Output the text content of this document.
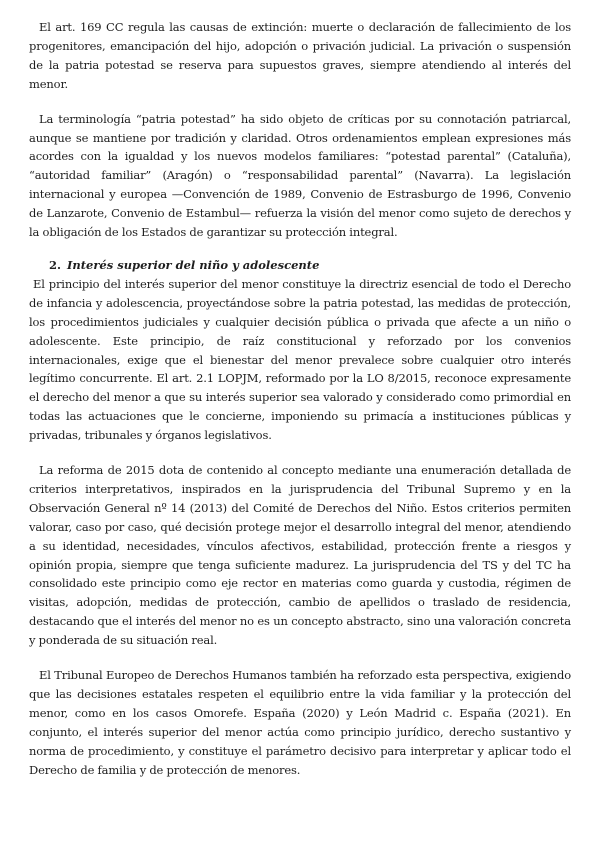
El art. 169 CC regula las causas de extinción: muerte o declaración de fallecimiento de los progenitores, emancipación del hijo, adopción o privación judicial. La privación o suspensión de la patria potestad se reserva para supuestos graves, siempre atendiendo al interés del menor.

La terminología “patria potestad” ha sido objeto de críticas por su connotación patriarcal, aunque se mantiene por tradición y claridad. Otros ordenamientos emplean expresiones más acordes con la igualdad y los nuevos modelos familiares: “potestad parental” (Cataluña), “autoridad familiar” (Aragón) o “responsabilidad parental” (Navarra). La legislación internacional y europea —Convención de 1989, Convenio de Estrasburgo de 1996, Convenio de Lanzarote, Convenio de Estambul— refuerza la visión del menor como sujeto de derechos y la obligación de los Estados de garantizar su protección integral.

2. Interés superior del niño y adolescente

El principio del interés superior del menor constituye la directriz esencial de todo el Derecho de infancia y adolescencia, proyectándose sobre la patria potestad, las medidas de protección, los procedimientos judiciales y cualquier decisión pública o privada que afecte a un niño o adolescente. Este principio, de raíz constitucional y reforzado por los convenios internacionales, exige que el bienestar del menor prevalece sobre cualquier otro interés legítimo concurrente. El art. 2.1 LOPJM, reformado por la LO 8/2015, reconoce expresamente el derecho del menor a que su interés superior sea valorado y considerado como primordial en todas las actuaciones que le concierne, imponiendo su primacía a instituciones públicas y privadas, tribunales y órganos legislativos.

La reforma de 2015 dota de contenido al concepto mediante una enumeración detallada de criterios interpretativos, inspirados en la jurisprudencia del Tribunal Supremo y en la Observación General nº 14 (2013) del Comité de Derechos del Niño. Estos criterios permiten valorar, caso por caso, qué decisión protege mejor el desarrollo integral del menor, atendiendo a su identidad, necesidades, vínculos afectivos, estabilidad, protección frente a riesgos y opinión propia, siempre que tenga suficiente madurez. La jurisprudencia del TS y del TC ha consolidado este principio como eje rector en materias como guarda y custodia, régimen de visitas, adopción, medidas de protección, cambio de apellidos o traslado de residencia, destacando que el interés del menor no es un concepto abstracto, sino una valoración concreta y ponderada de su situación real.

El Tribunal Europeo de Derechos Humanos también ha reforzado esta perspectiva, exigiendo que las decisiones estatales respeten el equilibrio entre la vida familiar y la protección del menor, como en los casos Omorefe. España (2020) y León Madrid c. España (2021). En conjunto, el interés superior del menor actúa como principio jurídico, derecho sustantivo y norma de procedimiento, y constituye el parámetro decisivo para interpretar y aplicar todo el Derecho de familia y de protección de menores.
